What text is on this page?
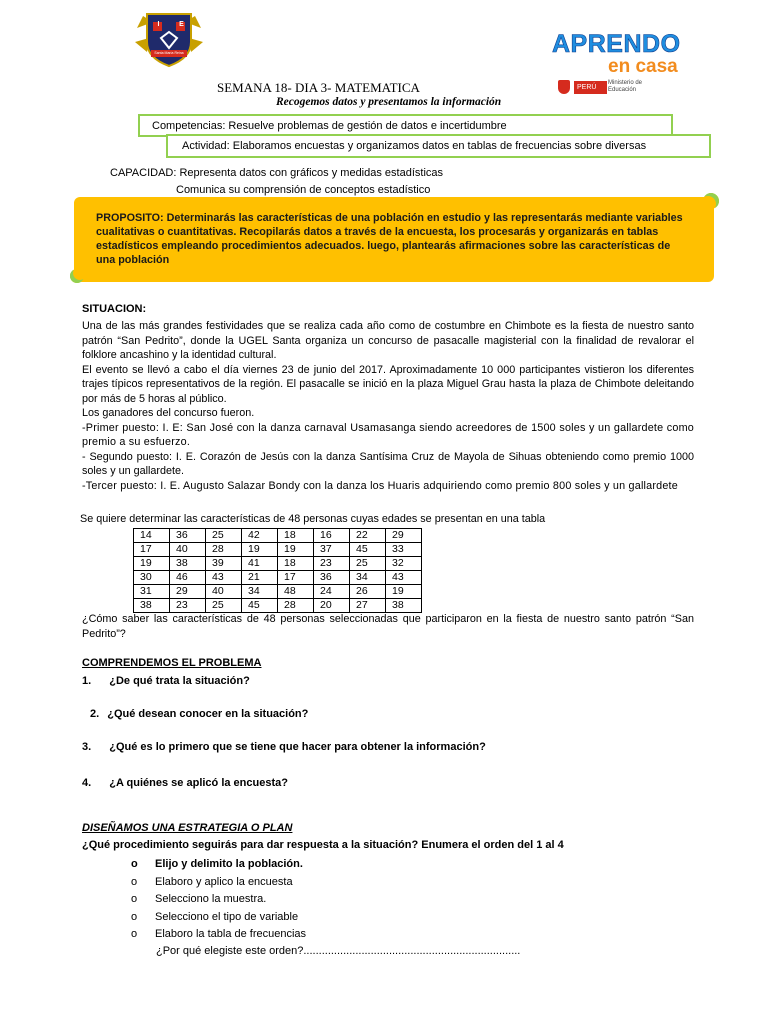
I	E
Santa María Reina	APRENDO
en casa
PERÚ
Ministerio de Educación
SEMANA 18- DIA 3- MATEMATICA
Recogemos datos y presentamos la información
Competencias: Resuelve problemas de gestión de datos e incertidumbre
Actividad: Elaboramos encuestas y organizamos datos en tablas de frecuencias sobre diversas
CAPACIDAD: Representa datos con gráficos y medidas estadísticas
Comunica su comprensión de conceptos estadístico
PROPOSITO: Determinarás las características de una población en estudio y las representarás mediante variables cualitativas o cuantitativas. Recopilarás datos a través de la encuesta, los procesarás y organizarás en tablas estadísticos empleando procedimientos adecuados. luego, plantearás afirmaciones sobre las características de una población
SITUACION:
Una de las más grandes festividades que se realiza cada año como de costumbre en Chimbote es la fiesta de nuestro santo patrón “San Pedrito”, donde la UGEL Santa organiza un concurso de pasacalle magisterial con la finalidad de revalorar el folklore ancashino y la identidad cultural.
El evento se llevó a cabo el día viernes 23 de junio del 2017. Aproximadamente 10 000 participantes vistieron los diferentes trajes típicos representativos de la región. El pasacalle se inició en la plaza Miguel Grau hasta la plaza de Chimbote deleitando por más de 5 horas al público.
Los ganadores del concurso fueron.
-Primer puesto: I. E: San José con la danza carnaval Usamasanga siendo acreedores de 1500 soles y un gallardete como premio a su esfuerzo.
- Segundo puesto: I. E. Corazón de Jesús con la danza Santísima Cruz de Mayola de Sihuas obteniendo como premio 1000 soles y un gallardete.
-Tercer puesto: I. E. Augusto Salazar Bondy con la danza los Huaris adquiriendo como premio 800 soles y un gallardete
Se quiere determinar las características de 48 personas cuyas edades se presentan en una tabla
14	36	25	42	18	16	22	29
17	40	28	19	19	37	45	33
19	38	39	41	18	23	25	32
30	46	43	21	17	36	34	43
31	29	40	34	48	24	26	19
38	23	25	45	28	20	27	38
¿Cómo saber las características de 48 personas seleccionadas que participaron en la fiesta de nuestro santo patrón “San Pedrito”?
COMPRENDEMOS EL PROBLEMA
1. ¿De qué trata la situación?
2. ¿Qué desean conocer en la situación?
3. ¿Qué es lo primero que se tiene que hacer para obtener la información?
4. ¿A quiénes se aplicó la encuesta?
DISEÑAMOS UNA ESTRATEGIA O PLAN
¿Qué procedimiento seguirás para dar respuesta a la situación? Enumera el orden del 1 al 4
o Elijo y delimito la población.
o Elaboro y aplico la encuesta
o Selecciono la muestra.
o Selecciono el tipo de variable
o Elaboro la tabla de frecuencias
¿Por qué elegiste este orden?.......................................................................
